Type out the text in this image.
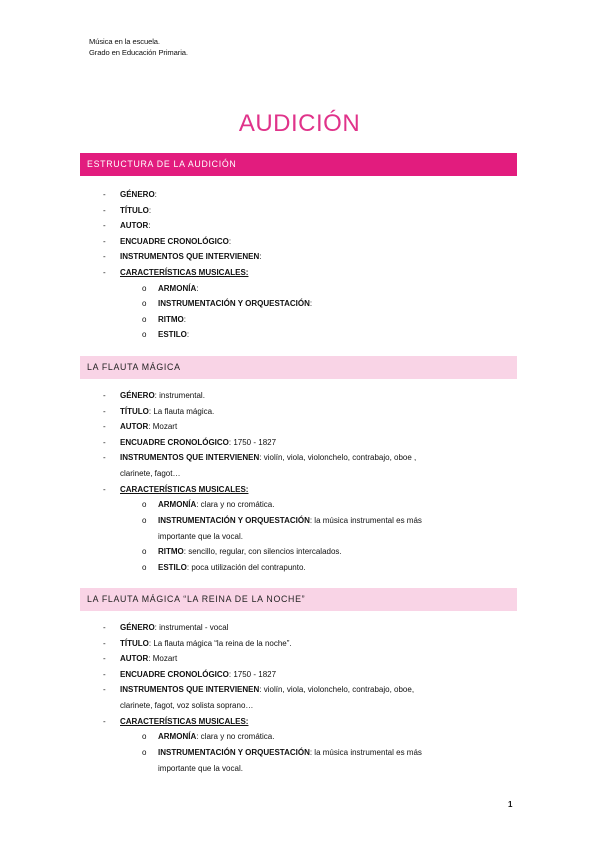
Música en la escuela.
Grado en Educación Primaria.
AUDICIÓN
ESTRUCTURA DE LA AUDICIÓN
- GÉNERO:
- TÍTULO:
- AUTOR:
- ENCUADRE CRONOLÓGICO:
- INSTRUMENTOS QUE INTERVIENEN:
- CARACTERÍSTICAS MUSICALES:
o ARMONÍA:
o INSTRUMENTACIÓN Y ORQUESTACIÓN:
o RITMO:
o ESTILO:
LA FLAUTA MÁGICA
- GÉNERO: instrumental.
- TÍTULO: La flauta mágica.
- AUTOR: Mozart
- ENCUADRE CRONOLÓGICO: 1750 - 1827
- INSTRUMENTOS QUE INTERVIENEN: violín, viola, violonchelo, contrabajo, oboe ,
clarinete, fagot…
- CARACTERÍSTICAS MUSICALES:
o ARMONÍA: clara y no cromática.
o INSTRUMENTACIÓN Y ORQUESTACIÓN: la música instrumental es más
importante que la vocal.
o RITMO: sencillo, regular, con silencios intercalados.
o ESTILO: poca utilización del contrapunto.
LA FLAUTA MÁGICA “LA REINA DE LA NOCHE”
- GÉNERO: instrumental - vocal
- TÍTULO: La flauta mágica “la reina de la noche”.
- AUTOR: Mozart
- ENCUADRE CRONOLÓGICO: 1750 - 1827
- INSTRUMENTOS QUE INTERVIENEN: violín, viola, violonchelo, contrabajo, oboe,
clarinete, fagot, voz solista soprano…
- CARACTERÍSTICAS MUSICALES:
o ARMONÍA: clara y no cromática.
o INSTRUMENTACIÓN Y ORQUESTACIÓN: la música instrumental es más
importante que la vocal.
1
